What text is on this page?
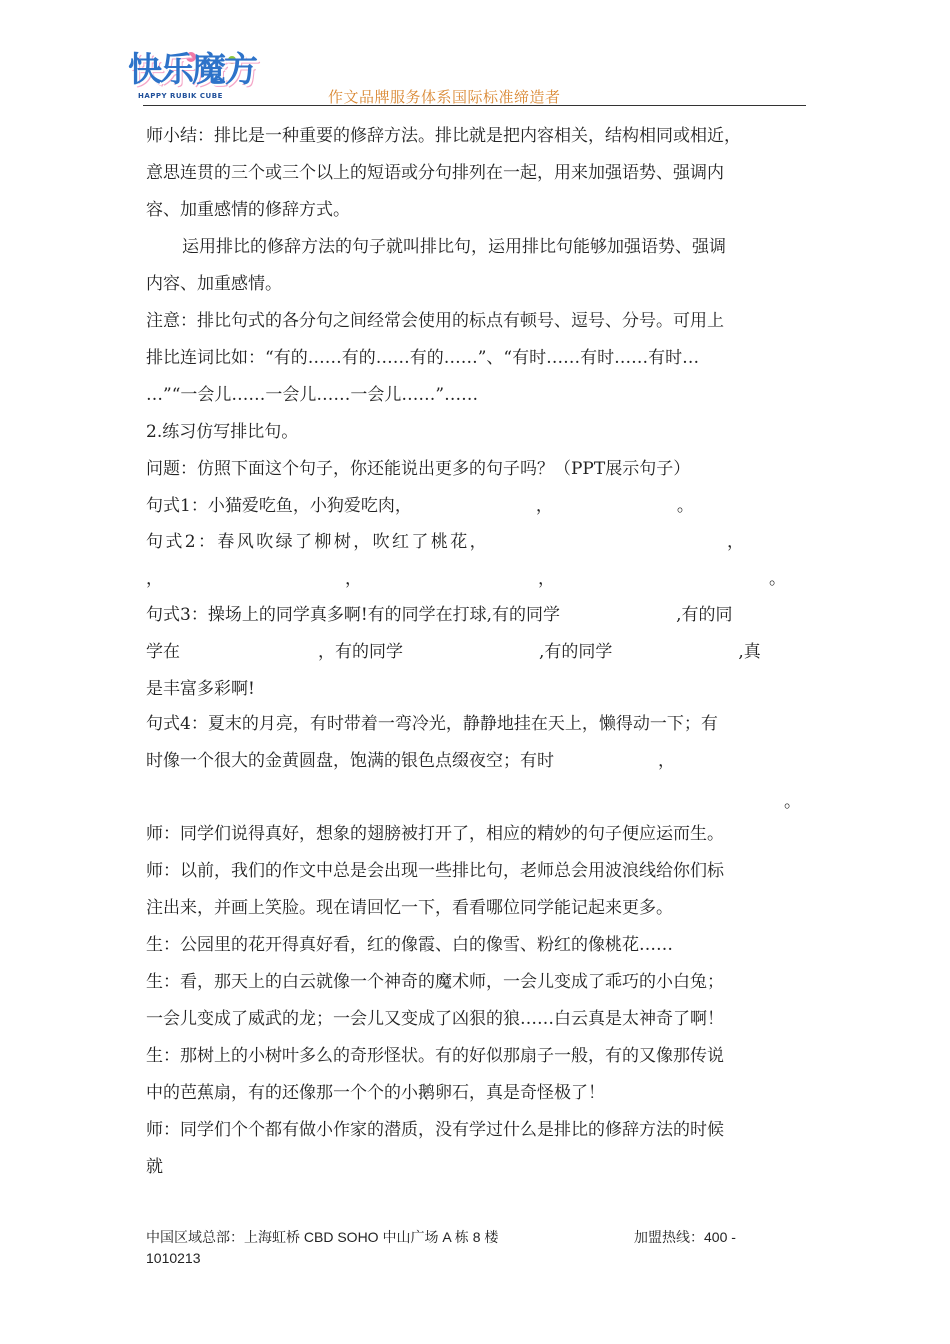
快乐魔方
HAPPY RUBIK CUBE	作文品牌服务体系国际标准缔造者
师小结：排比是一种重要的修辞方法。排比就是把内容相关，结构相同或相近，
意思连贯的三个或三个以上的短语或分句排列在一起，用来加强语势、强调内
容、加重感情的修辞方式。
运用排比的修辞方法的句子就叫排比句，运用排比句能够加强语势、强调
内容、加重感情。
注意：排比句式的各分句之间经常会使用的标点有顿号、逗号、分号。可用上
排比连词比如：“有的……有的……有的……”、“有时……有时……有时…
…”“一会儿……一会儿……一会儿……”……
2.练习仿写排比句。
问题：仿照下面这个句子，你还能说出更多的句子吗？（PPT展示句子）
句式1：小猫爱吃鱼，小狗爱吃肉，	，	。
句式2：春风吹绿了柳树，吹红了桃花，	，
，	，	，	。
句式3：操场上的同学真多啊!有的同学在打球,有的同学	,有的同
学在	，有的同学	,有的同学	,真
是丰富多彩啊!
句式4：夏末的月亮，有时带着一弯冷光，静静地挂在天上，懒得动一下；有
时像一个很大的金黄圆盘，饱满的银色点缀夜空；有时	，
。
师：同学们说得真好，想象的翅膀被打开了，相应的精妙的句子便应运而生。
师：以前，我们的作文中总是会出现一些排比句，老师总会用波浪线给你们标
注出来，并画上笑脸。现在请回忆一下，看看哪位同学能记起来更多。
生：公园里的花开得真好看，红的像霞、白的像雪、粉红的像桃花……
生：看，那天上的白云就像一个神奇的魔术师，一会儿变成了乖巧的小白兔；
一会儿变成了威武的龙；一会儿又变成了凶狠的狼……白云真是太神奇了啊！
生：那树上的小树叶多么的奇形怪状。有的好似那扇子一般，有的又像那传说
中的芭蕉扇，有的还像那一个个的小鹅卵石，真是奇怪极了！
师：同学们个个都有做小作家的潜质，没有学过什么是排比的修辞方法的时候
就
中国区域总部：上海虹桥 CBD SOHO 中山广场 A 栋 8 楼	加盟热线：400 -
1010213
